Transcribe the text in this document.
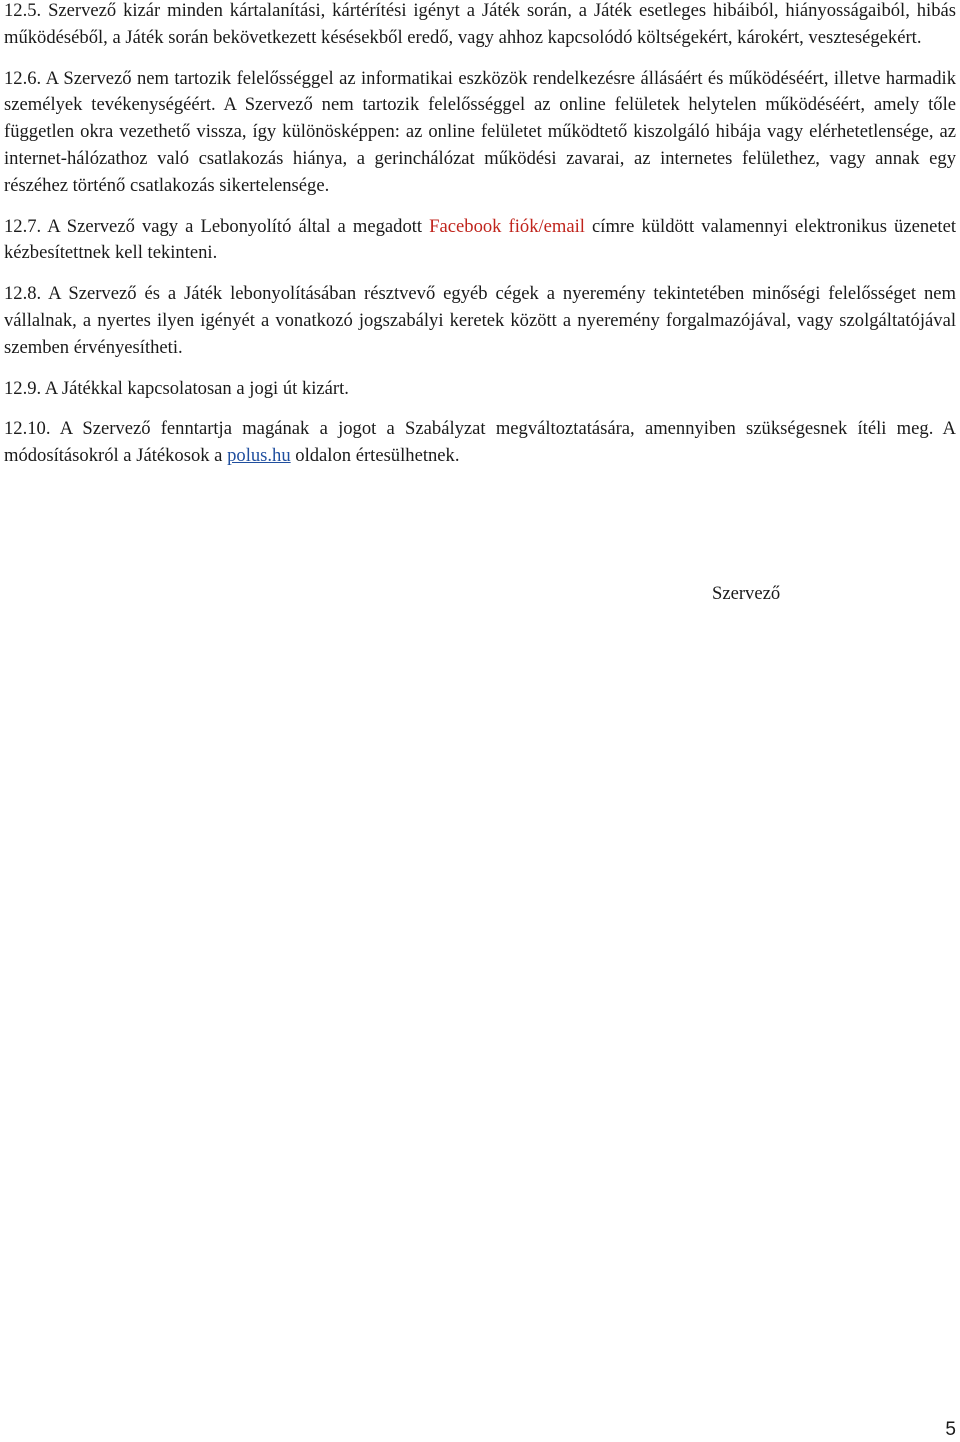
12.5. Szervező kizár minden kártalanítási, kártérítési igényt a Játék során, a Játék esetleges hibáiból, hiányosságaiból, hibás működéséből, a Játék során bekövetkezett késésekből eredő, vagy ahhoz kapcsolódó költségekért, károkért, veszteségekért.

12.6. A Szervező nem tartozik felelősséggel az informatikai eszközök rendelkezésre állásáért és működéséért, illetve harmadik személyek tevékenységéért. A Szervező nem tartozik felelősséggel az online felületek helytelen működéséért, amely tőle független okra vezethető vissza, így különösképpen: az online felületet működtető kiszolgáló hibája vagy elérhetetlensége, az internet-hálózathoz való csatlakozás hiánya, a gerinchálózat működési zavarai, az internetes felülethez, vagy annak egy részéhez történő csatlakozás sikertelensége.

12.7. A Szervező vagy a Lebonyolító által a megadott Facebook fiók/email címre küldött valamennyi elektronikus üzenetet kézbesítettnek kell tekinteni.

12.8. A Szervező és a Játék lebonyolításában résztvevő egyéb cégek a nyeremény tekintetében minőségi felelősséget nem vállalnak, a nyertes ilyen igényét a vonatkozó jogszabályi keretek között a nyeremény forgalmazójával, vagy szolgáltatójával szemben érvényesítheti.

12.9. A Játékkal kapcsolatosan a jogi út kizárt.

12.10. A Szervező fenntartja magának a jogot a Szabályzat megváltoztatására, amennyiben szükségesnek ítéli meg. A módosításokról a Játékosok a polus.hu oldalon értesülhetnek.

Szervező
5
